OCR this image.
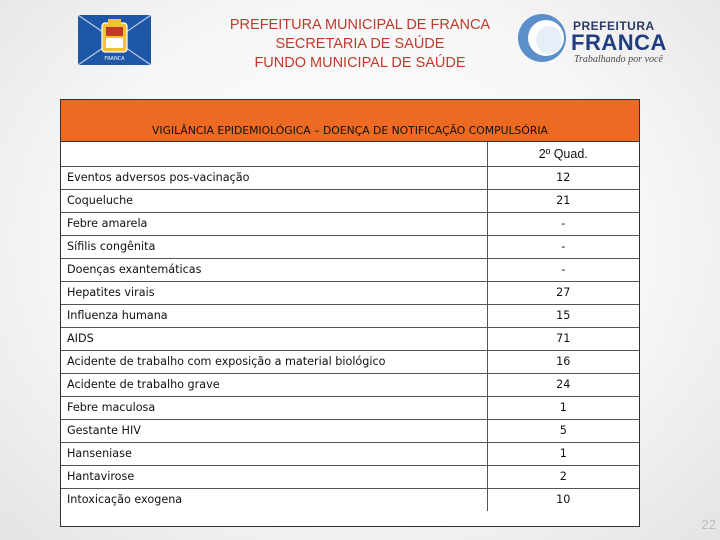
PREFEITURA MUNICIPAL DE FRANCA
SECRETARIA DE SAÚDE
FUNDO MUNICIPAL DE SAÚDE
FRANCA
PREFEITURA
FRANCA
Trabalhando por você
VIGILÂNCIA EPIDEMIOLÓGICA – DOENÇA DE NOTIFICAÇÃO COMPULSÓRIA
	2º Quad.
Eventos adversos pos-vacinação	12
Coqueluche	21
Febre amarela	-
Sífilis congênita	-
Doenças exantemáticas	-
Hepatites virais	27
Influenza humana	15
AIDS	71
Acidente de trabalho com exposição a material biológico	16
Acidente de trabalho grave	24
Febre maculosa	1
Gestante HIV	5
Hanseniase	1
Hantavirose	2
Intoxicação exogena	10
22
